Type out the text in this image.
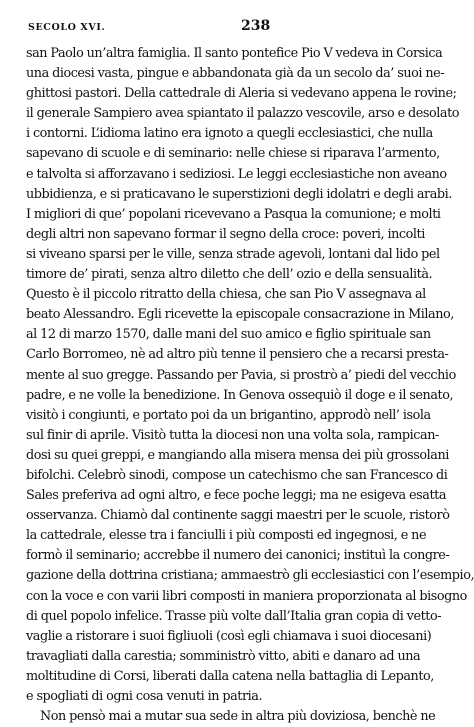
SECOLO XVI.	238
san Paolo un’altra famiglia. Il santo pontefice Pio V vedeva in Corsica
una diocesi vasta, pingue e abbandonata già da un secolo da’ suoi ne-
ghittosi pastori. Della cattedrale di Aleria si vedevano appena le rovine;
il generale Sampiero avea spiantato il palazzo vescovile, arso e desolato
i contorni. L’idioma latino era ignoto a quegli ecclesiastici, che nulla
sapevano di scuole e di seminario: nelle chiese si riparava l’armento,
e talvolta si afforzavano i sediziosi. Le leggi ecclesiastiche non aveano
ubbidienza, e si praticavano le superstizioni degli idolatri e degli arabi.
I migliori di que’ popolani ricevevano a Pasqua la comunione; e molti
degli altri non sapevano formar il segno della croce: poveri, incolti
si viveano sparsi per le ville, senza strade agevoli, lontani dal lido pel
timore de’ pirati, senza altro diletto che dell’ ozio e della sensualità.
Questo è il piccolo ritratto della chiesa, che san Pio V assegnava al
beato Alessandro. Egli ricevette la episcopale consacrazione in Milano,
al 12 di marzo 1570, dalle mani del suo amico e figlio spirituale san
Carlo Borromeo, nè ad altro più tenne il pensiero che a recarsi presta-
mente al suo gregge. Passando per Pavia, si prostrò a’ piedi del vecchio
padre, e ne volle la benedizione. In Genova ossequiò il doge e il senato,
visitò i congiunti, e portato poi da un brigantino, approdò nell’ isola
sul finir di aprile. Visitò tutta la diocesi non una volta sola, rampican-
dosi su quei greppi, e mangiando alla misera mensa dei più grossolani
bifolchi. Celebrò sinodi, compose un catechismo che san Francesco di
Sales preferiva ad ogni altro, e fece poche leggi; ma ne esigeva esatta
osservanza. Chiamò dal continente saggi maestri per le scuole, ristorò
la cattedrale, elesse tra i fanciulli i più composti ed ingegnosi, e ne
formò il seminario; accrebbe il numero dei canonici; instituì la congre-
gazione della dottrina cristiana; ammaestrò gli ecclesiastici con l’esempio,
con la voce e con varii libri composti in maniera proporzionata al bisogno
di quel popolo infelice. Trasse più volte dall’Italia gran copia di vetto-
vaglie a ristorare i suoi figliuoli (così egli chiamava i suoi diocesani)
travagliati dalla carestia; somministrò vitto, abiti e danaro ad una
moltitudine di Corsi, liberati dalla catena nella battaglia di Lepanto,
e spogliati di ogni cosa venuti in patria.
Non pensò mai a mutar sua sede in altra più doviziosa, benchè ne
